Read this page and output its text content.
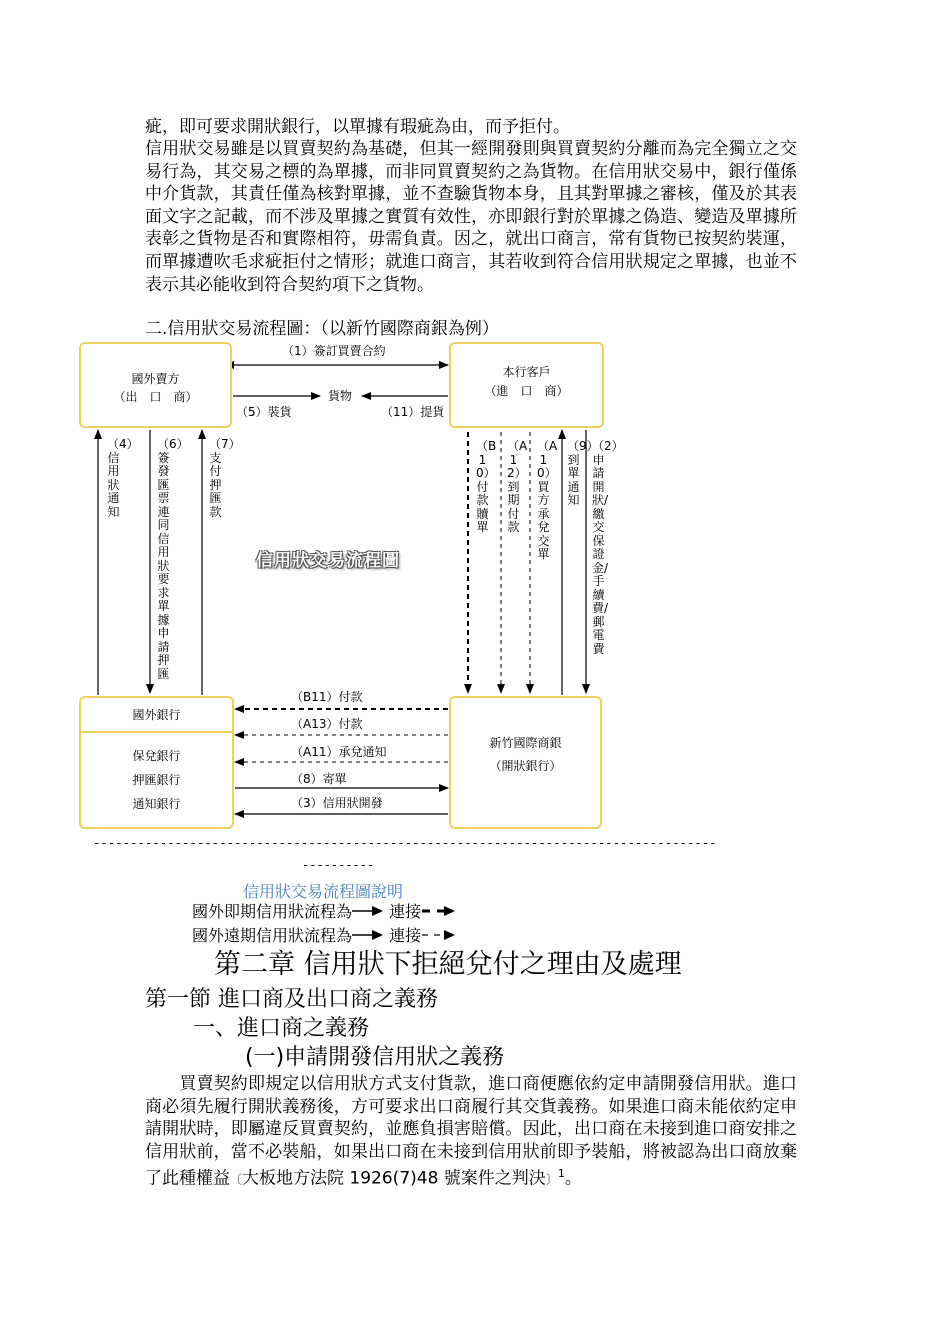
疵，即可要求開狀銀行，以單據有瑕疵為由，而予拒付。

信用狀交易雖是以買賣契約為基礎，但其一經開發則與買賣契約分離而為完全獨立之交易行為，其交易之標的為單據，而非同買賣契約之為貨物。在信用狀交易中，銀行僅係中介貨款，其責任僅為核對單據，並不查驗貨物本身，且其對單據之審核，僅及於其表面文字之記載，而不涉及單據之實質有效性，亦即銀行對於單據之偽造、變造及單據所表彰之貨物是否和實際相符，毋需負責。因之，就出口商言，常有貨物已按契約裝運，而單據遭吹毛求疵拒付之情形；就進口商言，其若收到符合信用狀規定之單據，也並不表示其必能收到符合契約項下之貨物。

二.信用狀交易流程圖：（以新竹國際商銀為例）
國外賣方
（出　口　商）
本行客戶
（進　口　商）
國外銀行
保兌銀行
押匯銀行
通知銀行
新竹國際商銀
（開狀銀行）
（1）簽訂買賣合約
貨物
（5）裝貨	（11）提貨
（4）信用狀通知
（6）簽發匯票連同信用狀要求單據申請押匯
（7）支付押匯款
（B10）付款贖單
（A12）到期付款
（A10）買方承兌交單
（9）到單通知
（2）申請開狀/繳交保證金/手續費/郵電費
信用狀交易流程圖
（B11）付款
（A13）付款
（A11）承兌通知
（8）寄單
（3）信用狀開發
------------------------------------------------------------------------------------
----------
信用狀交易流程圖說明
國外即期信用狀流程為 連接
國外遠期信用狀流程為 連接
第二章 信用狀下拒絕兌付之理由及處理
第一節 進口商及出口商之義務
一、進口商之義務
(一)申請開發信用狀之義務

　　買賣契約即規定以信用狀方式支付貨款，進口商便應依約定申請開發信用狀。進口商必須先履行開狀義務後，方可要求出口商履行其交貨義務。如果進口商未能依約定申請開狀時，即屬違反買賣契約，並應負損害賠償。因此，出口商在未接到進口商安排之信用狀前，當不必裝船，如果出口商在未接到信用狀前即予裝船，將被認為出口商放棄了此種權益〔大板地方法院 1926(7)48 號案件之判決〕$^1$。
